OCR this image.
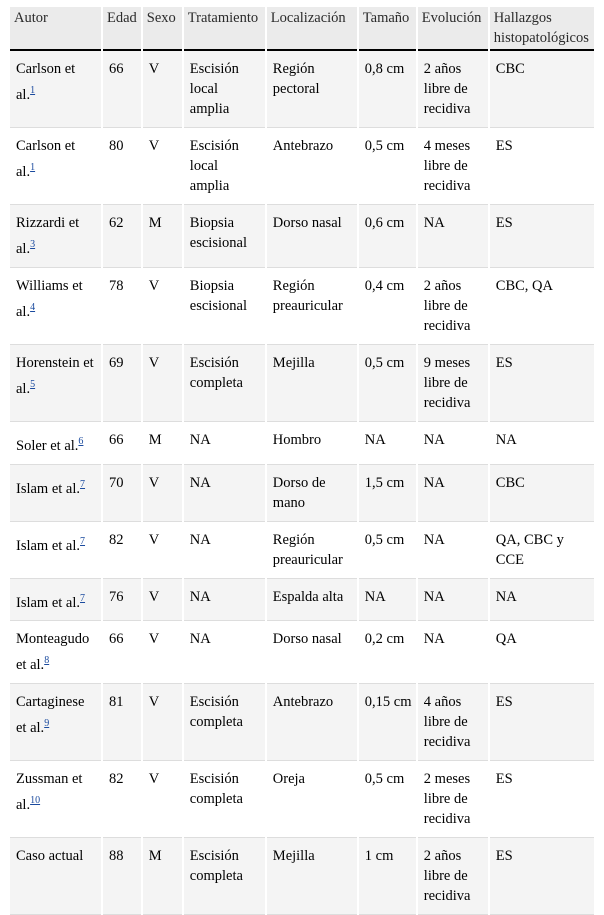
Autor	Edad	Sexo	Tratamiento	Localización	Tamaño	Evolución	Hallazgos histopatológicos
Carlson et al.$^1$	66	V	Escisión local amplia	Región pectoral	0,8 cm	2 años libre de recidiva	CBC
Carlson et al.$^1$	80	V	Escisión local amplia	Antebrazo	0,5 cm	4 meses libre de recidiva	ES
Rizzardi et al.$^3$	62	M	Biopsia escisional	Dorso nasal	0,6 cm	NA	ES
Williams et al.$^4$	78	V	Biopsia escisional	Región preauricular	0,4 cm	2 años libre de recidiva	CBC, QA
Horenstein et al.$^5$	69	V	Escisión completa	Mejilla	0,5 cm	9 meses libre de recidiva	ES
Soler et al.$^6$	66	M	NA	Hombro	NA	NA	NA
Islam et al.$^7$	70	V	NA	Dorso de mano	1,5 cm	NA	CBC
Islam et al.$^7$	82	V	NA	Región preauricular	0,5 cm	NA	QA, CBC y CCE
Islam et al.$^7$	76	V	NA	Espalda alta	NA	NA	NA
Monteagudo et al.$^8$	66	V	NA	Dorso nasal	0,2 cm	NA	QA
Cartaginese et al.$^9$	81	V	Escisión completa	Antebrazo	0,15 cm	4 años libre de recidiva	ES
Zussman et al.$^{10}$	82	V	Escisión completa	Oreja	0,5 cm	2 meses libre de recidiva	ES
Caso actual	88	M	Escisión completa	Mejilla	1 cm	2 años libre de recidiva	ES
